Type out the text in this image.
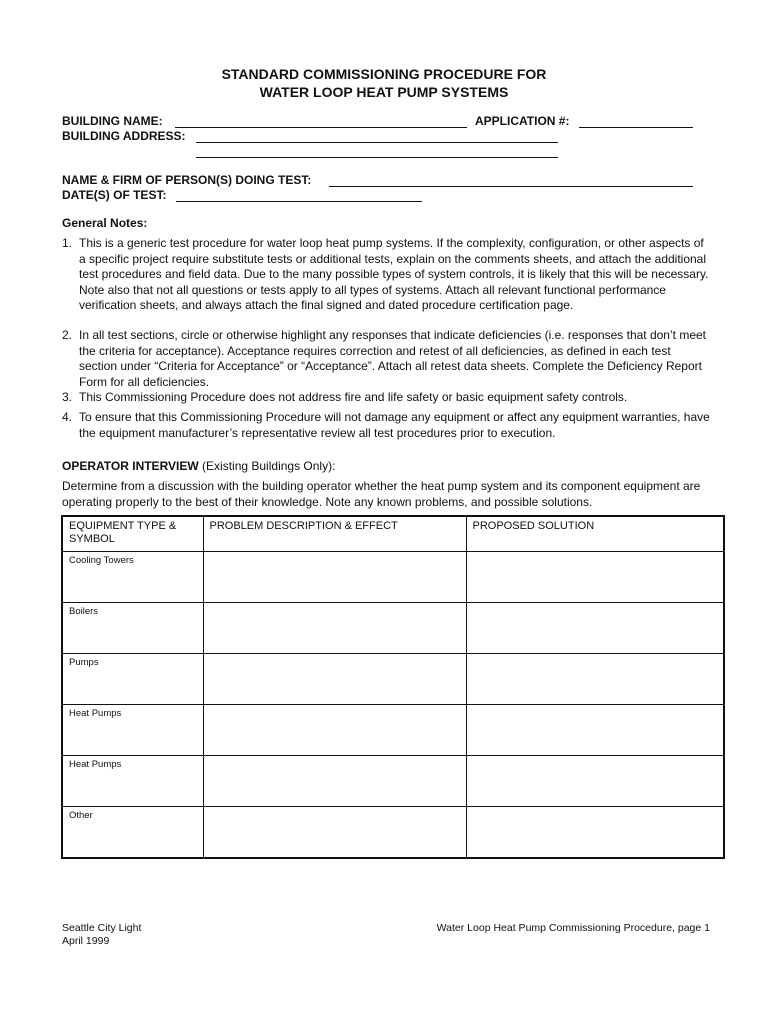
STANDARD COMMISSIONING PROCEDURE FOR
WATER LOOP HEAT PUMP SYSTEMS
BUILDING NAME:	APPLICATION #:
BUILDING ADDRESS:
NAME & FIRM OF PERSON(S) DOING TEST:
DATE(S) OF TEST:
General Notes:
1. This is a generic test procedure for water loop heat pump systems. If the complexity, configuration, or other aspects of a specific project require substitute tests or additional tests, explain on the comments sheets, and attach the additional test procedures and field data. Due to the many possible types of system controls, it is likely that this will be necessary. Note also that not all questions or tests apply to all types of systems. Attach all relevant functional performance verification sheets, and always attach the final signed and dated procedure certification page.
2. In all test sections, circle or otherwise highlight any responses that indicate deficiencies (i.e. responses that don’t meet the criteria for acceptance). Acceptance requires correction and retest of all deficiencies, as defined in each test section under “Criteria for Acceptance” or “Acceptance”. Attach all retest data sheets. Complete the Deficiency Report Form for all deficiencies.
3. This Commissioning Procedure does not address fire and life safety or basic equipment safety controls.
4. To ensure that this Commissioning Procedure will not damage any equipment or affect any equipment warranties, have the equipment manufacturer’s representative review all test procedures prior to execution.
OPERATOR INTERVIEW (Existing Buildings Only):
Determine from a discussion with the building operator whether the heat pump system and its component equipment are operating properly to the best of their knowledge. Note any known problems, and possible solutions.
EQUIPMENT TYPE & SYMBOL	PROBLEM DESCRIPTION & EFFECT	PROPOSED SOLUTION
Cooling Towers		
Boilers		
Pumps		
Heat Pumps		
Heat Pumps		
Other		
Seattle City Light
April 1999
Water Loop Heat Pump Commissioning Procedure, page 1
